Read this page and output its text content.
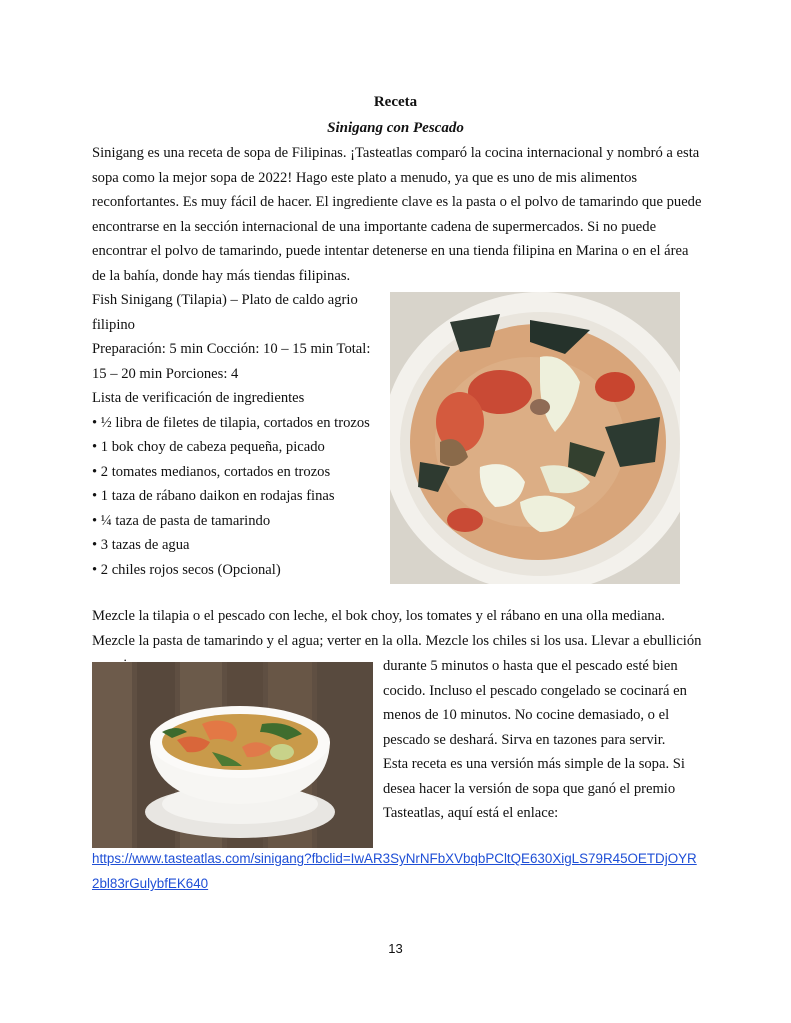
Receta
Sinigang con Pescado

Sinigang es una receta de sopa de Filipinas. ¡Tasteatlas comparó la cocina internacional y nombró a esta sopa como la mejor sopa de 2022! Hago este plato a menudo, ya que es uno de mis alimentos reconfortantes. Es muy fácil de hacer. El ingrediente clave es la pasta o el polvo de tamarindo que puede encontrarse en la sección internacional de una importante cadena de supermercados. Si no puede encontrar el polvo de tamarindo, puede intentar detenerse en una tienda filipina en Marina o en el área de la bahía, donde hay más tiendas filipinas.

Fish Sinigang (Tilapia) – Plato de caldo agrio filipino
Preparación: 5 min Cocción: 10 – 15 min Total: 15 – 20 min Porciones: 4
Lista de verificación de ingredientes
• ½ libra de filetes de tilapia, cortados en trozos
• 1 bok choy de cabeza pequeña, picado
• 2 tomates medianos, cortados en trozos
• 1 taza de rábano daikon en rodajas finas
• ¼ taza de pasta de tamarindo
• 3 tazas de agua
• 2 chiles rojos secos (Opcional)

Mezcle la tilapia o el pescado con leche, el bok choy, los tomates y el rábano en una olla mediana. Mezcle la pasta de tamarindo y el agua; verter en la olla. Mezcle los chiles si los usa. Llevar a ebullición

durante 5 minutos o hasta que el pescado esté bien
cocido. Incluso el pescado congelado se cocinará en
menos de 10 minutos. No cocine demasiado, o el
pescado se deshará. Sirva en tazones para servir.
Esta receta es una versión más simple de la sopa. Si
desea hacer la versión de sopa que ganó el premio
Tasteatlas, aquí está el enlace:
https://www.tasteatlas.com/sinigang?fbclid=IwAR3SyNrNFbXVbqbPCltQE630XigLS79R45OETDjOYR2bl83rGulybfEK640
13
